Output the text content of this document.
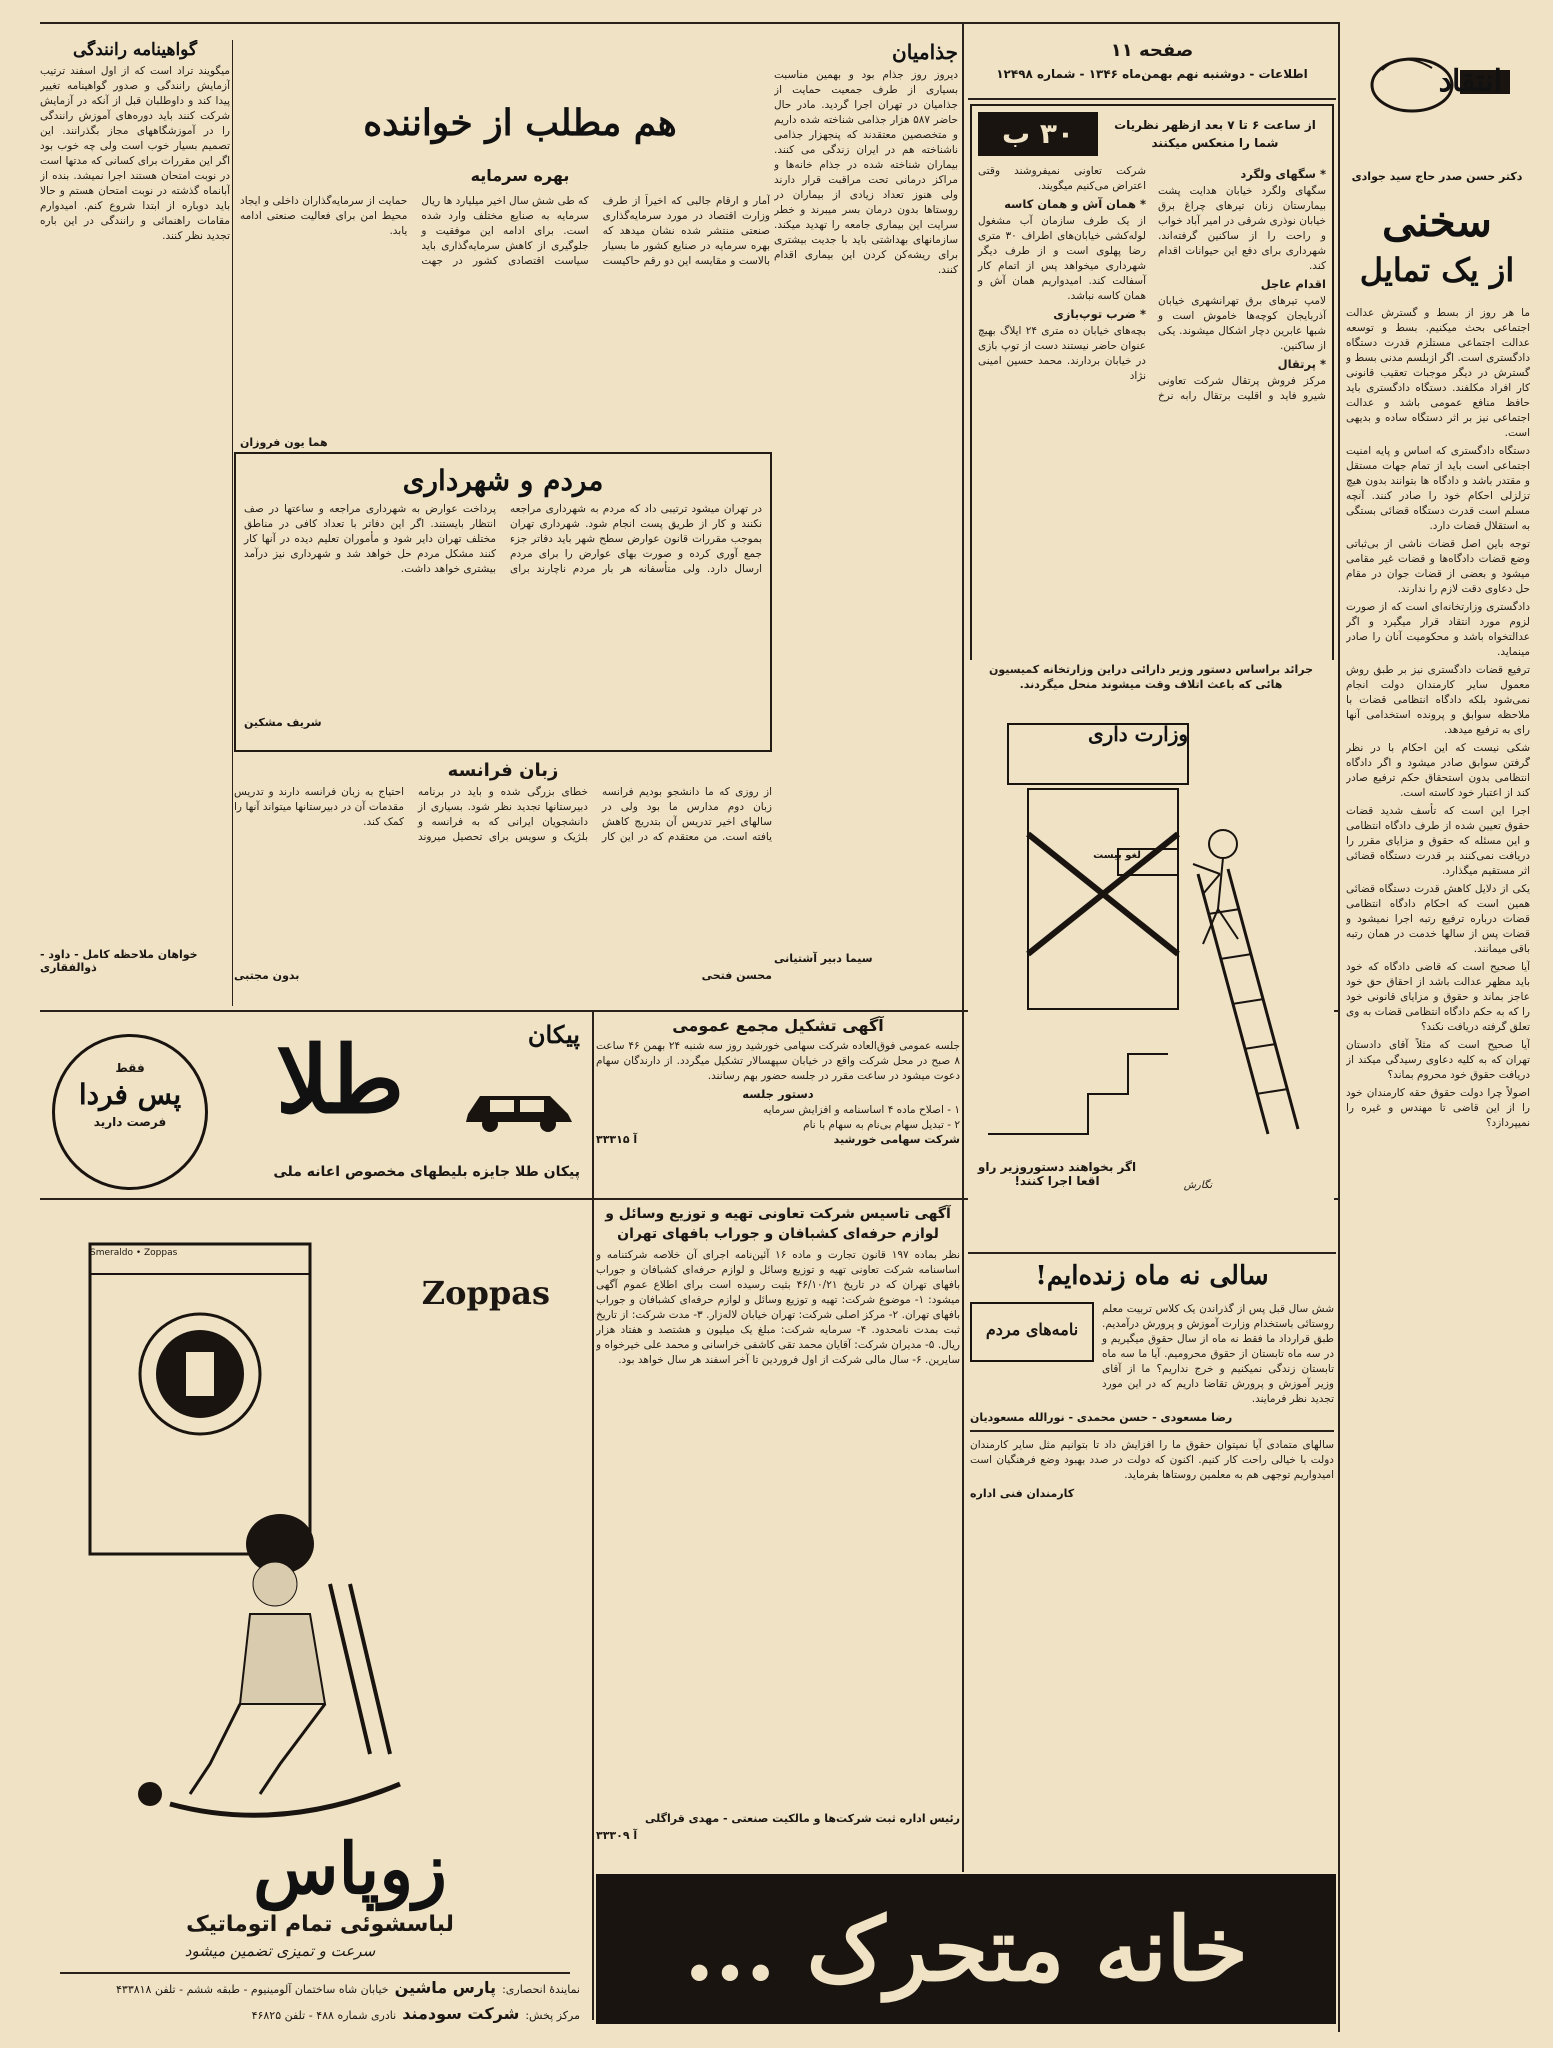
انتقاد
دکتر حسن صدر حاج سید جوادی
سخنی
از یک تمایل

ما هر روز از بسط و گسترش عدالت اجتماعی بحث میکنیم. بسط و توسعه عدالت اجتماعی مستلزم قدرت دستگاه دادگستری است. اگر ازبلسم مدنی بسط و گسترش در دیگر موجبات تعقیب قانونی کار افراد مکلفند. دستگاه دادگستری باید حافظ منافع عمومی باشد و عدالت اجتماعی نیز بر اثر دستگاه ساده و بدیهی است.

دستگاه دادگستری که اساس و پایه امنیت اجتماعی است باید از تمام جهات مستقل و مقتدر باشد و دادگاه ها بتوانند بدون هیچ تزلزلی احکام خود را صادر کنند. آنچه مسلم است قدرت دستگاه قضائی بستگی به استقلال قضات دارد.

توجه باین اصل قضات ناشی از بی‌ثباتی وضع قضات دادگاه‌ها و قضات غیر مقامی میشود و بعضی از قضات جوان در مقام حل دعاوی دقت لازم را ندارند.

دادگستری وزارتخانه‌ای است که از صورت لزوم مورد انتقاد قرار میگیرد و اگر عدالتخواه باشد و محکومیت آنان را صادر مینماید.

ترفیع قضات دادگستری نیز بر طبق روش معمول سایر کارمندان دولت انجام نمی‌شود بلکه دادگاه انتظامی قضات با ملاحظه سوابق و پرونده استخدامی آنها رای به ترفیع میدهد.

شکی نیست که این احکام با در نظر گرفتن سوابق صادر میشود و اگر دادگاه انتظامی بدون استحقاق حکم ترفیع صادر کند از اعتبار خود کاسته است.

اجرا این است که تأسف شدید قضات حقوق تعیین شده از طرف دادگاه انتظامی و این مسئله که حقوق و مزایای مقرر را دریافت نمی‌کنند بر قدرت دستگاه قضائی اثر مستقیم میگذارد.

یکی از دلایل کاهش قدرت دستگاه قضائی همین است که احکام دادگاه انتظامی قضات درباره ترفیع رتبه اجرا نمیشود و قضات پس از سالها خدمت در همان رتبه باقی میمانند.

آیا صحیح است که قاضی دادگاه که خود باید مظهر عدالت باشد از احقاق حق خود عاجز بماند و حقوق و مزایای قانونی خود را که به حکم دادگاه انتظامی قضات به وی تعلق گرفته دریافت نکند؟

آیا صحیح است که مثلاً آقای دادستان تهران که به کلیه دعاوی رسیدگی میکند از دریافت حقوق خود محروم بماند؟

اصولاً چرا دولت حقوق حقه کارمندان خود را از این قاضی تا مهندس و غیره را نمیپردازد؟

صفحه ۱۱
اطلاعات - دوشنبه نهم بهمن‌ماه ۱۳۴۶ - شماره ۱۲۴۹۸
از ساعت ۶ تا ۷ بعد ازظهر نظریات شما را منعکس میکنند
۳۰ ب
* سگهای ولگرد

سگهای ولگرد خیابان هدایت پشت بیمارستان زنان تیرهای چراغ برق خیابان نوذری شرقی در امیر آباد خواب و راحت را از ساکنین گرفته‌اند. شهرداری برای دفع این حیوانات اقدام کند.

اقدام عاجل

لامپ تیرهای برق تهرانشهری خیابان آذربایجان کوچه‌ها خاموش است و شبها عابرین دچار اشکال میشوند. یکی از ساکنین.

* پرتقال

مرکز فروش پرتقال شرکت تعاونی شیرو فاید و اقلیت برتقال رابه نرخ شرکت تعاونی نمیفروشند وقتی اعتراض می‌کنیم میگویند.

* همان آش و همان کاسه

از یک طرف سازمان آب مشغول لوله‌کشی خیابان‌های اطراف ۳۰ متری رضا پهلوی است و از طرف دیگر شهرداری میخواهد پس از اتمام کار آسفالت کند. امیدواریم همان آش و همان کاسه نباشد.

* ضرب توپ‌بازی

بچه‌های خیابان ده متری ۲۴ ایلاگ بهیچ عنوان حاضر نیستند دست از توپ بازی در خیابان بردارند. محمد حسین امینی نژاد

جرائد براساس دستور وزیر دارائی دراین وزارتخانه کمیسیون هائی که باعث اتلاف وقت میشوند منحل میگردند.
وزارت داری
لغو بیست
اگر بخواهند دستوروزیر راو اقعا اجرا کنند!	نگارش
سالی نه ماه زنده‌ایم!
شش سال قبل پس از گذراندن یک کلاس تربیت معلم روستائی باستخدام وزارت آموزش و پرورش درآمدیم. طبق قرارداد ما فقط نه ماه از سال حقوق میگیریم و در سه ماه تابستان از حقوق محرومیم. آیا ما سه ماه تابستان زندگی نمیکنیم و خرج نداریم؟ ما از آقای وزیر آموزش و پرورش تقاضا داریم که در این مورد تجدید نظر فرمایند.
نامه‌های مردم
رضا مسعودی - حسن محمدی - نورالله مسعودیان
سالهای متمادی آیا نمیتوان حقوق ما را افزایش داد تا بتوانیم مثل سایر کارمندان دولت با خیالی راحت کار کنیم. اکنون که دولت در صدد بهبود وضع فرهنگیان است امیدواریم توجهی هم به معلمین روستاها بفرماید.
کارمندان فنی اداره
جذامیان
دیروز روز جذام بود و بهمین مناسبت بسیاری از طرف جمعیت حمایت از جذامیان در تهران اجرا گردید. مادر حال حاضر ۵۸۷ هزار جذامی شناخته شده داریم و متخصصین معتقدند که پنجهزار جذامی ناشناخته هم در ایران زندگی می کنند. بیماران شناخته شده در جذام خانه‌ها و مراکز درمانی تحت مراقبت قرار دارند ولی هنوز تعداد زیادی از بیماران در روستاها بدون درمان بسر میبرند و خطر سرایت این بیماری جامعه را تهدید میکند. سازمانهای بهداشتی باید با جدیت بیشتری برای ریشه‌کن کردن این بیماری اقدام کنند.
سیما دبیر آشتیانی
هم مطلب از خواننده
بهره سرمایه
آمار و ارقام جالبی که اخیراً از طرف وزارت اقتصاد در مورد سرمایه‌گذاری صنعتی منتشر شده نشان میدهد که بهره سرمایه در صنایع کشور ما بسیار بالاست و مقایسه این دو رقم حاکیست که طی شش سال اخیر میلیارد ها ریال سرمایه به صنایع مختلف وارد شده است. برای ادامه این موفقیت و جلوگیری از کاهش سرمایه‌گذاری باید سیاست اقتصادی کشور در جهت حمایت از سرمایه‌گذاران داخلی و ایجاد محیط امن برای فعالیت صنعتی ادامه یابد.
هما یون فروزان
مردم و شهرداری
در تهران میشود ترتیبی داد که مردم به شهرداری مراجعه نکنند و کار از طریق پست انجام شود. شهرداری تهران بموجب مقررات قانون عوارض سطح شهر باید دفاتر جزء جمع آوری کرده و صورت بهای عوارض را برای مردم ارسال دارد. ولی متأسفانه هر بار مردم ناچارند برای پرداخت عوارض به شهرداری مراجعه و ساعتها در صف انتظار بایستند. اگر این دفاتر با تعداد کافی در مناطق مختلف تهران دایر شود و مأموران تعلیم دیده در آنها کار کنند مشکل مردم حل خواهد شد و شهرداری نیز درآمد بیشتری خواهد داشت.
شریف مشکین
زبان فرانسه
از روزی که ما دانشجو بودیم فرانسه زبان دوم مدارس ما بود ولی در سالهای اخیر تدریس آن بتدریج کاهش یافته است. من معتقدم که در این کار خطای بزرگی شده و باید در برنامه دبیرستانها تجدید نظر شود. بسیاری از دانشجویان ایرانی که به فرانسه و بلژیک و سویس برای تحصیل میروند احتیاج به زبان فرانسه دارند و تدریس مقدمات آن در دبیرستانها میتواند آنها را کمک کند.
محسن فتحی
بدون مجتبی
گواهینامه رانندگی
میگویند تراد است که از اول اسفند ترتیب آزمایش رانندگی و صدور گواهینامه تغییر پیدا کند و داوطلبان قبل از آنکه در آزمایش شرکت کنند باید دوره‌های آموزش رانندگی را در آموزشگاههای مجاز بگذرانند. این تصمیم بسیار خوب است ولی چه خوب بود اگر این مقررات برای کسانی که مدتها است در نوبت امتحان هستند اجرا نمیشد. بنده از آبانماه گذشته در نوبت امتحان هستم و حالا باید دوباره از ابتدا شروع کنم. امیدوارم مقامات راهنمائی و رانندگی در این باره تجدید نظر کنند.
خواهان ملاحظه کامل - داود - ذوالفقاری
فقط
پس فردا
فرصت دارید
پیکان
طلا
پیکان طلا جایزه بلیطهای مخصوص اعانه ملی
آگهی تشکیل مجمع عمومی
جلسه عمومی فوق‌العاده شرکت سهامی خورشید روز سه شنبه ۲۴ بهمن ۴۶ ساعت ۸ صبح در محل شرکت واقع در خیابان سپهسالار تشکیل میگردد. از دارندگان سهام دعوت میشود در ساعت مقرر در جلسه حضور بهم رسانند.
دستور جلسه
۱ - اصلاح ماده ۴ اساسنامه و افزایش سرمایه
۲ - تبدیل سهام بی‌نام به سهام با نام
شرکت سهامی خورشید
آ ۳۳۳۱۵
آگهی تاسیس شرکت تعاونی تهیه و توزیع وسائل و لوازم حرفه‌ای کشبافان و جوراب بافهای تهران
نظر بماده ۱۹۷ قانون تجارت و ماده ۱۶ آئین‌نامه اجرای آن خلاصه شرکتنامه و اساسنامه شرکت تعاونی تهیه و توزیع وسائل و لوازم حرفه‌ای کشبافان و جوراب بافهای تهران که در تاریخ ۴۶/۱۰/۲۱ بثبت رسیده است برای اطلاع عموم آگهی میشود: ۱- موضوع شرکت: تهیه و توزیع وسائل و لوازم حرفه‌ای کشبافان و جوراب بافهای تهران. ۲- مرکز اصلی شرکت: تهران خیابان لاله‌زار. ۳- مدت شرکت: از تاریخ ثبت بمدت نامحدود. ۴- سرمایه شرکت: مبلغ یک میلیون و هشتصد و هفتاد هزار ریال. ۵- مدیران شرکت: آقایان محمد تقی کاشفی خراسانی و محمد علی خیرخواه و سایرین. ۶- سال مالی شرکت از اول فروردین تا آخر اسفند هر سال خواهد بود.
رئیس اداره ثبت شرکت‌ها و مالکیت صنعتی - مهدی قراگلی
آ ۳۳۳۰۹
Zoppas
Smeraldo • Zoppas
زوپاس
لباسشوئی تمام اتوماتیک
سرعت و تمیزی تضمین میشود
نمایندۀ انحصاری:
پارس ماشین
خیابان شاه ساختمان آلومینیوم - طبقه ششم - تلفن ۴۳۳۸۱۸
مرکز پخش:
شرکت سودمند
نادری شماره ۴۸۸ - تلفن ۴۶۸۲۵
خانه متحرک ...
